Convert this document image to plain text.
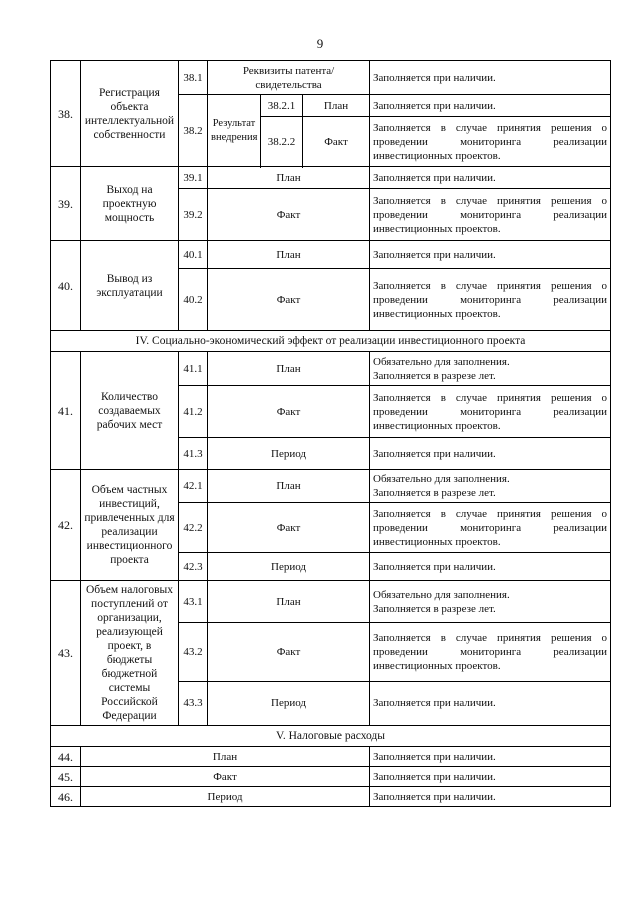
9
38.	Регистрация объекта интеллектуальной собственности	38.1	Реквизиты патента/ свидетельства			Заполняется при наличии.
		38.2	Результат внедрения	38.2.1	План	Заполняется при наличии.
				38.2.2	Факт	Заполняется в случае принятия решения о проведении мониторинга реализации инвестиционных проектов.

39.	Выход на проектную мощность	39.1	План			Заполняется при наличии.
		39.2	Факт			Заполняется в случае принятия решения о проведении мониторинга реализации инвестиционных проектов.
40.	Вывод из эксплуатации	40.1	План			Заполняется при наличии.
		40.2	Факт			Заполняется в случае принятия решения о проведении мониторинга реализации инвестиционных проектов.
IV. Социально-экономический эффект от реализации инвестиционного проекта						
41.	Количество создаваемых рабочих мест	41.1	План			Обязательно для заполнения.
Заполняется в разрезе лет.
		41.2	Факт			Заполняется в случае принятия решения о проведении мониторинга реализации инвестиционных проектов.
		41.3	Период			Заполняется при наличии.
42.	Объем частных инвестиций, привлеченных для реализации инвестиционного проекта	42.1	План			Обязательно для заполнения.
Заполняется в разрезе лет.
		42.2	Факт			Заполняется в случае принятия решения о проведении мониторинга реализации инвестиционных проектов.
		42.3	Период			Заполняется при наличии.
43.	Объем налоговых поступлений от организации, реализующей проект, в бюджеты бюджетной системы Российской Федерации	43.1	План			Обязательно для заполнения.
Заполняется в разрезе лет.
		43.2	Факт			Заполняется в случае принятия решения о проведении мониторинга реализации инвестиционных проектов.
		43.3	Период			Заполняется при наличии.
V. Налоговые расходы						
44.	План					Заполняется при наличии.
45.	Факт					Заполняется при наличии.
46.	Период					Заполняется при наличии.
